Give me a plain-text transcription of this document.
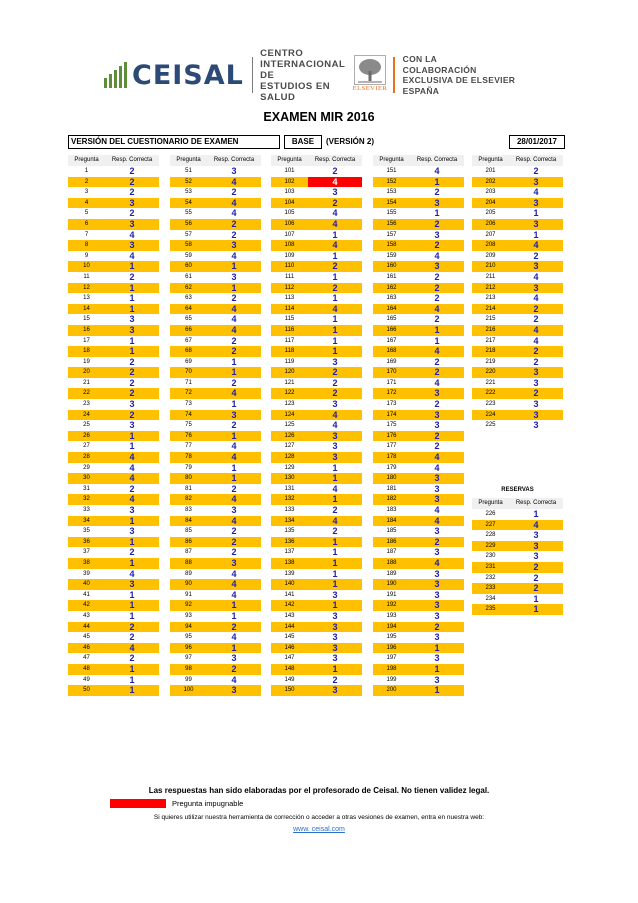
CEISAL
CENTRO
INTERNACIONAL DE
ESTUDIOS EN SALUD
ELSEVIER
CON LA
COLABORACIÓN
EXCLUSIVA DE ELSEVIER ESPAÑA
EXAMEN MIR 2016
VERSIÓN DEL CUESTIONARIO DE EXAMEN	BASE	(VERSIÓN 2)	28/01/2017
Pregunta	Resp. Correcta
1	2
2	2
3	2
4	3
5	2
6	3
7	4
8	3
9	4
10	1
11	2
12	1
13	1
14	1
15	3
16	3
17	1
18	1
19	2
20	2
21	2
22	2
23	3
24	2
25	3
26	1
27	1
28	4
29	4
30	4
31	2
32	4
33	3
34	1
35	3
36	1
37	2
38	1
39	4
40	3
41	1
42	1
43	1
44	2
45	2
46	4
47	2
48	1
49	1
50	1
Pregunta	Resp. Correcta
51	3
52	4
53	2
54	4
55	4
56	2
57	2
58	3
59	4
60	1
61	3
62	1
63	2
64	4
65	4
66	4
67	2
68	2
69	1
70	1
71	2
72	4
73	1
74	3
75	2
76	1
77	4
78	4
79	1
80	1
81	2
82	4
83	3
84	4
85	2
86	2
87	2
88	3
89	4
90	4
91	4
92	1
93	1
94	2
95	4
96	1
97	3
98	2
99	4
100	3
Pregunta	Resp. Correcta
101	2
102	4
103	3
104	2
105	4
106	4
107	1
108	4
109	1
110	2
111	1
112	2
113	1
114	4
115	1
116	1
117	1
118	1
119	3
120	2
121	2
122	2
123	3
124	4
125	4
126	3
127	3
128	3
129	1
130	1
131	4
132	1
133	2
134	4
135	2
136	1
137	1
138	1
139	1
140	1
141	3
142	1
143	3
144	3
145	3
146	3
147	3
148	1
149	2
150	3
Pregunta	Resp. Correcta
151	4
152	1
153	2
154	3
155	1
156	2
157	3
158	2
159	4
160	3
161	2
162	2
163	2
164	4
165	2
166	1
167	1
168	4
169	2
170	2
171	4
172	3
173	2
174	3
175	3
176	2
177	2
178	4
179	4
180	3
181	3
182	3
183	4
184	4
185	3
186	2
187	3
188	4
189	3
190	3
191	3
192	3
193	3
194	2
195	3
196	1
197	3
198	1
199	3
200	1
Pregunta	Resp. Correcta
201	2
202	3
203	4
204	3
205	1
206	3
207	1
208	4
209	2
210	3
211	4
212	3
213	4
214	2
215	2
216	4
217	4
218	2
219	2
220	3
221	3
222	2
223	3
224	3
225	3
RESERVAS
Pregunta	Resp. Correcta
226	1
227	4
228	3
229	3
230	3
231	2
232	2
233	2
234	1
235	1
Las respuestas han sido elaboradas por el profesorado de Ceisal. No tienen validez legal.
Pregunta impugnable
Si quieres utilizar nuestra herramienta de corrección o acceder a otras vesiones de examen, entra en nuestra web:
www. ceisal.com
